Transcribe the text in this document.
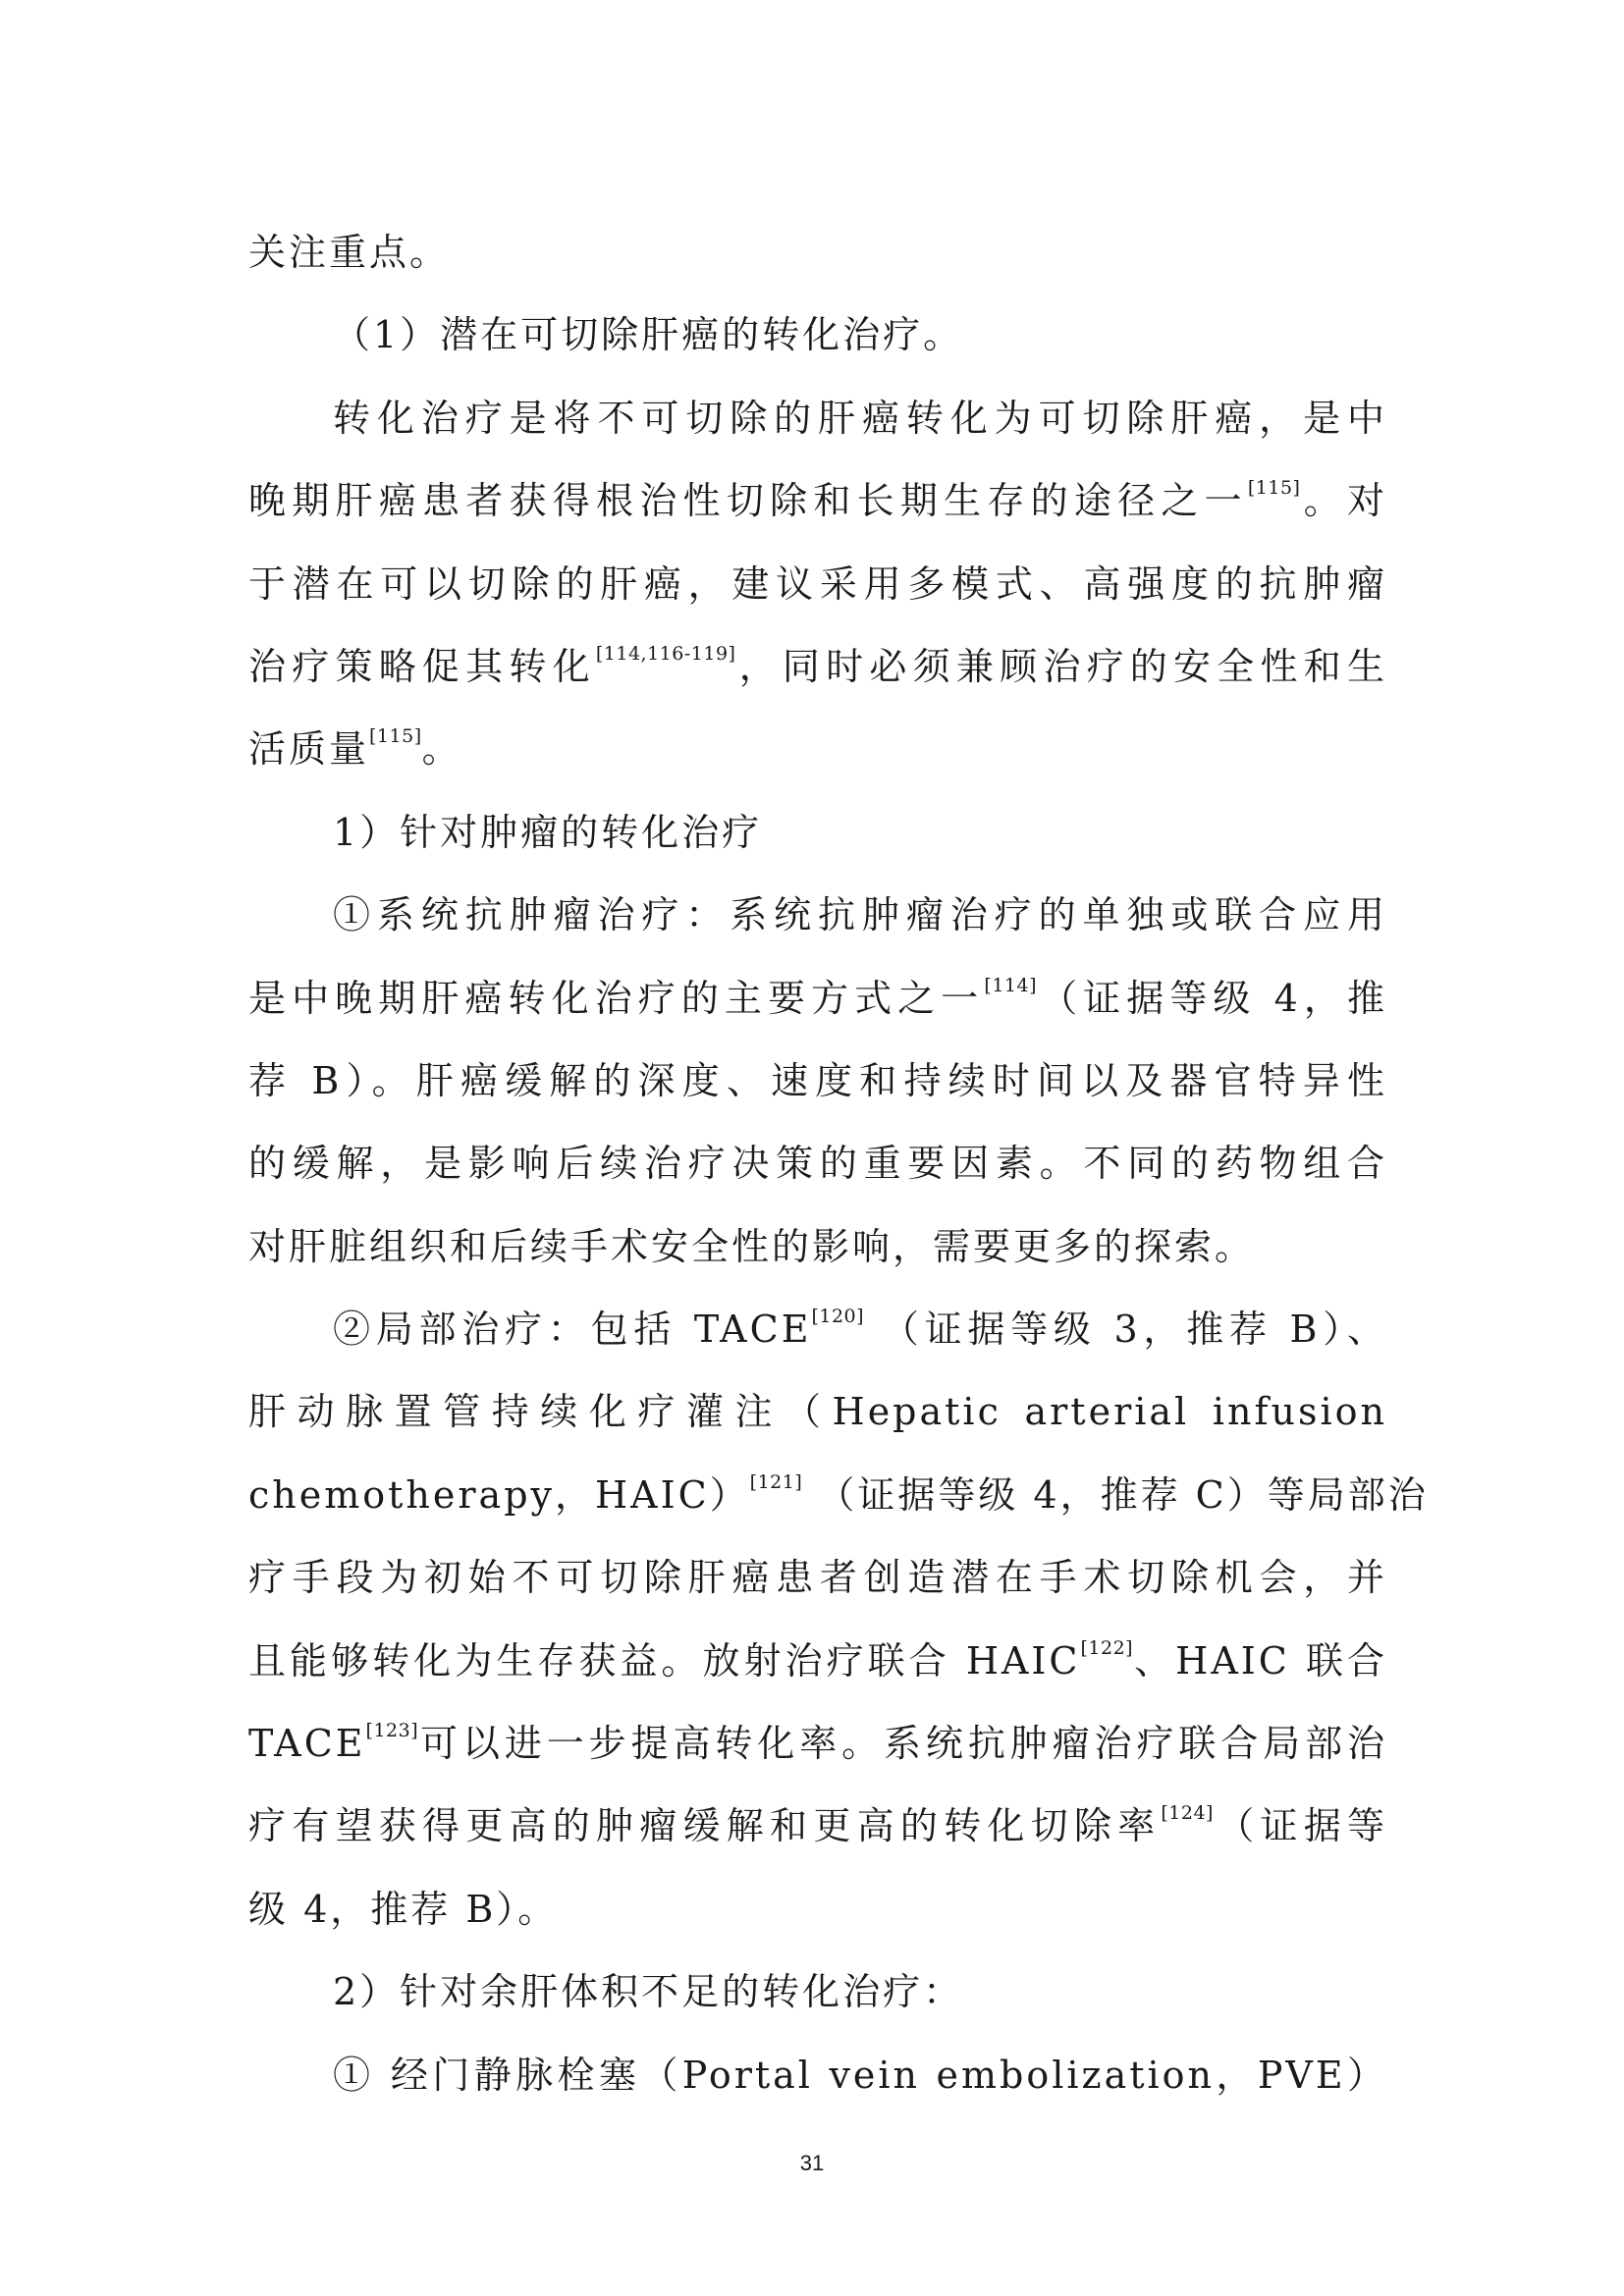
关注重点。
（1）潜在可切除肝癌的转化治疗。
转化治疗是将不可切除的肝癌转化为可切除肝癌，是中
晚期肝癌患者获得根治性切除和长期生存的途径之一[115]。对
于潜在可以切除的肝癌，建议采用多模式、高强度的抗肿瘤
治疗策略促其转化[114,116-119]，同时必须兼顾治疗的安全性和生
活质量[115]。
1）针对肿瘤的转化治疗
①系统抗肿瘤治疗：系统抗肿瘤治疗的单独或联合应用
是中晚期肝癌转化治疗的主要方式之一[114]（证据等级 4，推
荐 B）。肝癌缓解的深度、速度和持续时间以及器官特异性
的缓解，是影响后续治疗决策的重要因素。不同的药物组合
对肝脏组织和后续手术安全性的影响，需要更多的探索。
②局部治疗：包括 TACE[120] （证据等级 3，推荐 B）、
肝动脉置管持续化疗灌注（Hepatic arterial infusion
chemotherapy，HAIC）[121] （证据等级 4，推荐 C）等局部治
疗手段为初始不可切除肝癌患者创造潜在手术切除机会，并
且能够转化为生存获益。放射治疗联合 HAIC[122]、HAIC 联合
TACE[123]可以进一步提高转化率。系统抗肿瘤治疗联合局部治
疗有望获得更高的肿瘤缓解和更高的转化切除率[124]（证据等
级 4，推荐 B）。
2）针对余肝体积不足的转化治疗：
① 经门静脉栓塞（Portal vein embolization，PVE）
31
